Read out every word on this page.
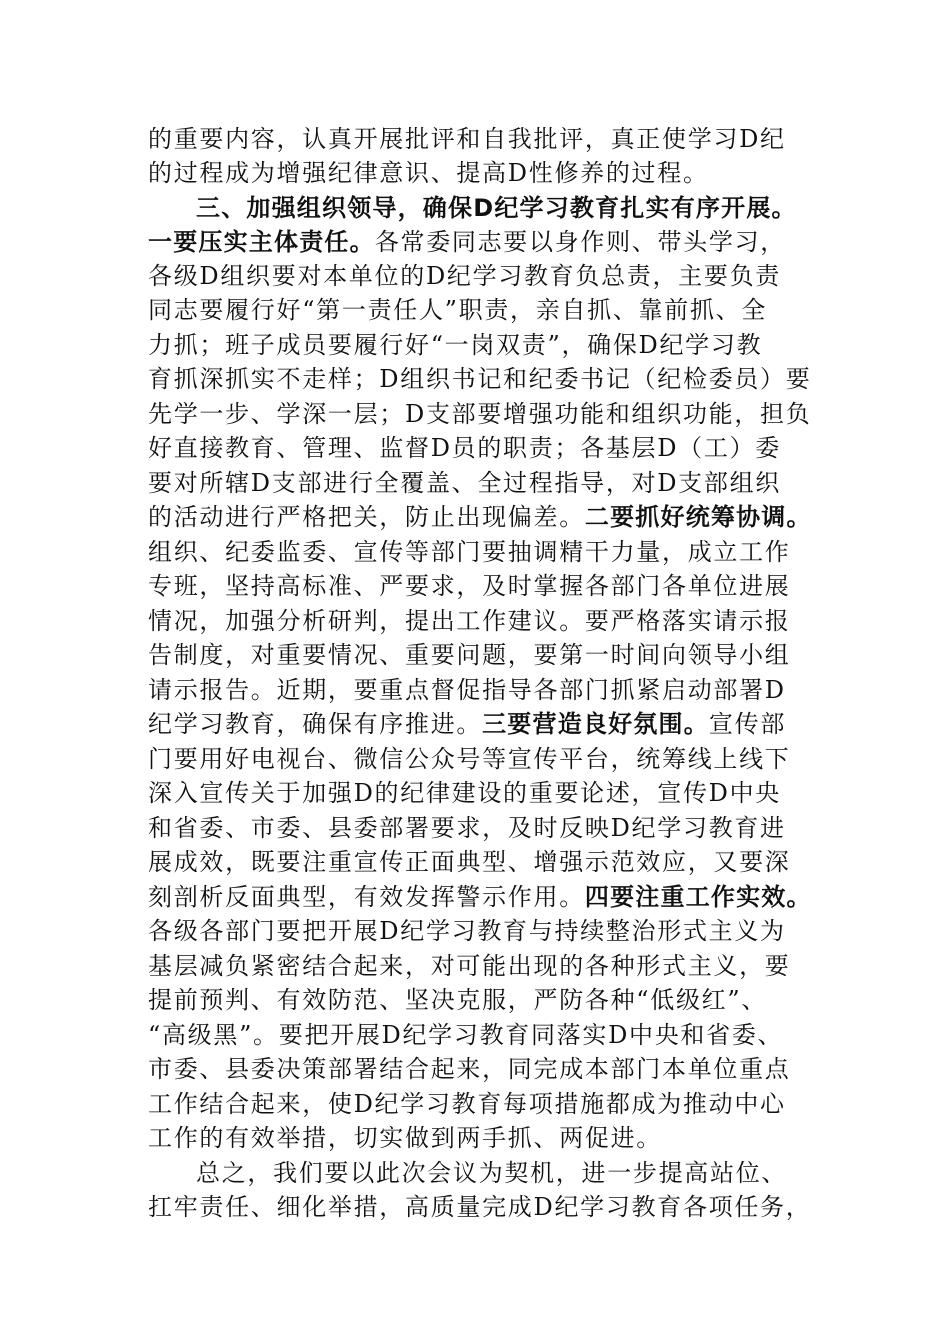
的重要内容，认真开展批评和自我批评，真正使学习D纪
的过程成为增强纪律意识、提高D性修养的过程。
三、加强组织领导，确保D纪学习教育扎实有序开展。
一要压实主体责任。各常委同志要以身作则、带头学习，
各级D组织要对本单位的D纪学习教育负总责，主要负责
同志要履行好“第一责任人”职责，亲自抓、靠前抓、全
力抓；班子成员要履行好“一岗双责”，确保D纪学习教
育抓深抓实不走样；D组织书记和纪委书记（纪检委员）要
先学一步、学深一层；D支部要增强功能和组织功能，担负
好直接教育、管理、监督D员的职责；各基层D（工）委
要对所辖D支部进行全覆盖、全过程指导，对D支部组织
的活动进行严格把关，防止出现偏差。二要抓好统筹协调。
组织、纪委监委、宣传等部门要抽调精干力量，成立工作
专班，坚持高标准、严要求，及时掌握各部门各单位进展
情况，加强分析研判，提出工作建议。要严格落实请示报
告制度，对重要情况、重要问题，要第一时间向领导小组
请示报告。近期，要重点督促指导各部门抓紧启动部署D
纪学习教育，确保有序推进。三要营造良好氛围。宣传部
门要用好电视台、微信公众号等宣传平台，统筹线上线下
深入宣传关于加强D的纪律建设的重要论述，宣传D中央
和省委、市委、县委部署要求，及时反映D纪学习教育进
展成效，既要注重宣传正面典型、增强示范效应，又要深
刻剖析反面典型，有效发挥警示作用。四要注重工作实效。
各级各部门要把开展D纪学习教育与持续整治形式主义为
基层减负紧密结合起来，对可能出现的各种形式主义，要
提前预判、有效防范、坚决克服，严防各种“低级红”、
“高级黑”。要把开展D纪学习教育同落实D中央和省委、
市委、县委决策部署结合起来，同完成本部门本单位重点
工作结合起来，使D纪学习教育每项措施都成为推动中心
工作的有效举措，切实做到两手抓、两促进。
总之，我们要以此次会议为契机，进一步提高站位、
扛牢责任、细化举措，高质量完成D纪学习教育各项任务，
